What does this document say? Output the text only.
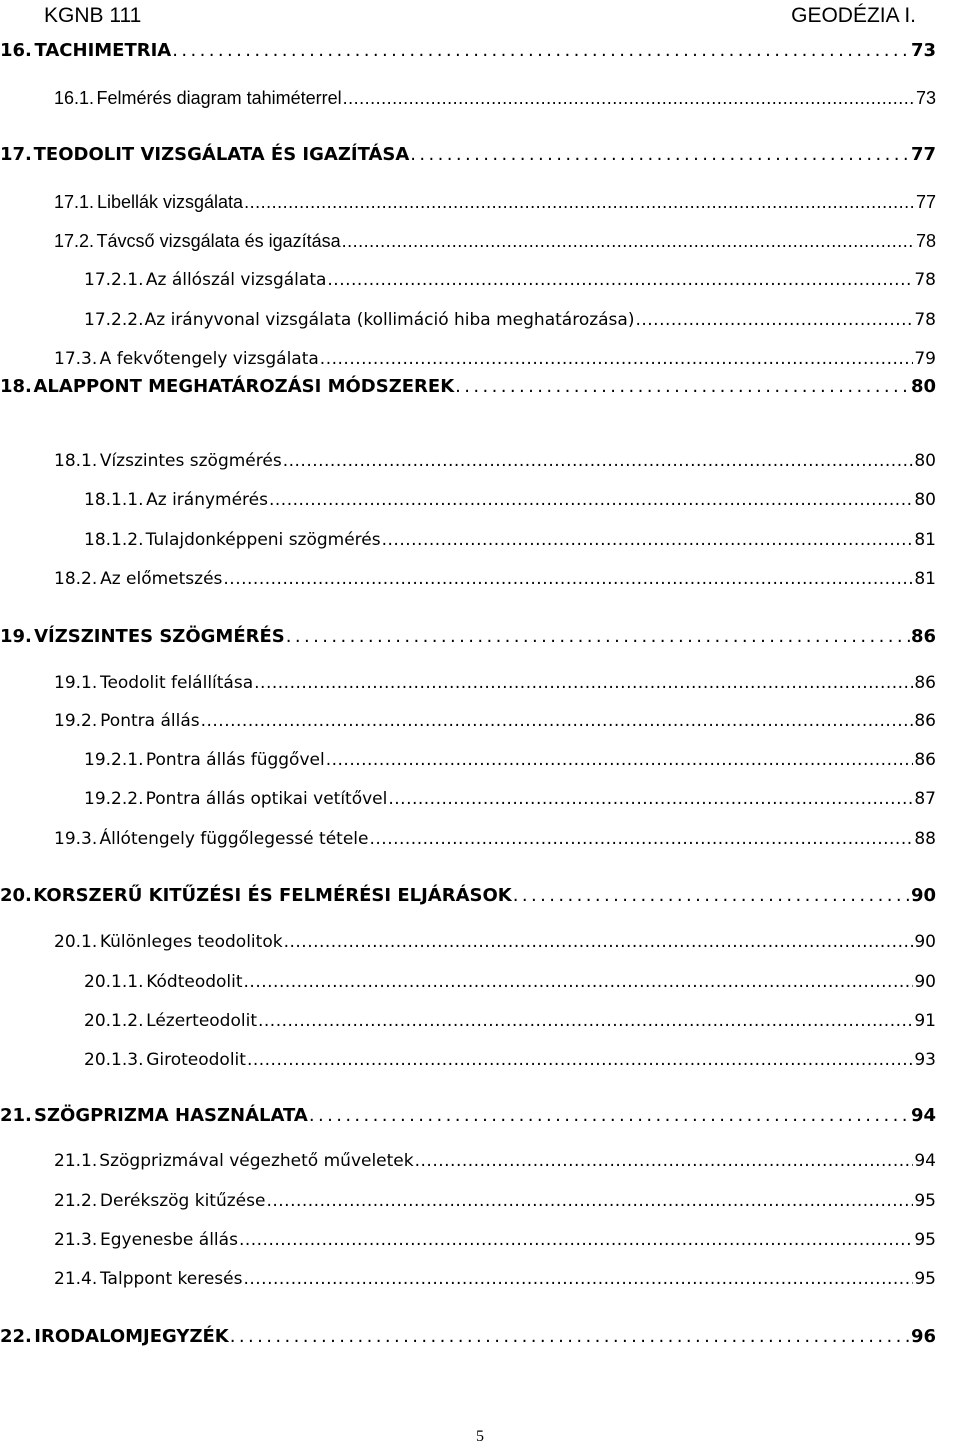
KGNB 111	GEODÉZIA I.
16. TACHIMETRIA .....	73
16.1. Felmérés diagram tahiméterrel .....	73
17. TEODOLIT VIZSGÁLATA ÉS IGAZÍTÁSA .....	77
17.1. Libellák vizsgálata .....	77
17.2. Távcső vizsgálata és igazítása .....	78
17.2.1. Az állószál vizsgálata .....	78
17.2.2. Az irányvonal vizsgálata (kollimáció hiba meghatározása) .....	78
17.3. A fekvőtengely vizsgálata .....	79
18. ALAPPONT MEGHATÁROZÁSI MÓDSZEREK .....	80
18.1. Vízszintes szögmérés .....	80
18.1.1. Az iránymérés .....	80
18.1.2. Tulajdonképpeni szögmérés .....	81
18.2. Az előmetszés .....	81
19. VÍZSZINTES SZÖGMÉRÉS .....	86
19.1. Teodolit felállítása .....	86
19.2. Pontra állás .....	86
19.2.1. Pontra állás függővel .....	86
19.2.2. Pontra állás optikai vetítővel .....	87
19.3. Állótengely függőlegessé tétele .....	88
20. KORSZERŰ KITŰZÉSI ÉS FELMÉRÉSI ELJÁRÁSOK .....	90
20.1. Különleges teodolitok .....	90
20.1.1. Kódteodolit .....	90
20.1.2. Lézerteodolit .....	91
20.1.3. Giroteodolit .....	93
21. SZÖGPRIZMA HASZNÁLATA .....	94
21.1. Szögprizmával végezhető műveletek .....	94
21.2. Derékszög kitűzése .....	95
21.3. Egyenesbe állás .....	95
21.4. Talppont keresés .....	95
22. IRODALOMJEGYZÉK .....	96
5
